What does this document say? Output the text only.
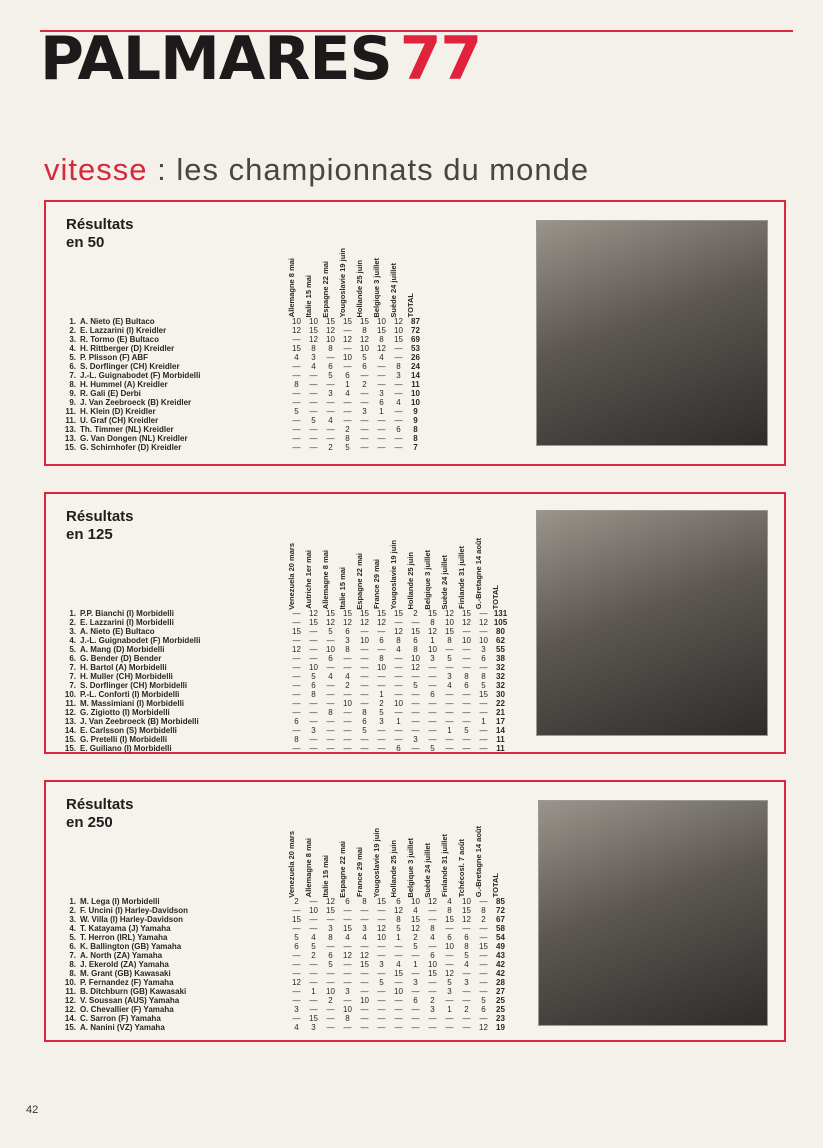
PALMARES 77
vitesse : les championnats du monde
Résultats
en 50

		Allemagne 8 mai	Italie 15 mai	Espagne 22 mai	Yougoslavie 19 juin	Hollande 25 juin	Belgique 3 juillet	Suède 24 juillet	TOTAL

1.	A. Nieto (E) Bultaco	10	10	15	15	15	10	12	87
2.	E. Lazzarini (I) Kreidler	12	15	12	—	8	15	10	72
3.	R. Tormo (E) Bultaco	—	12	10	12	12	8	15	69
4.	H. Rittberger (D) Kreidler	15	8	8	—	10	12	—	53
5.	P. Plisson (F) ABF	4	3	—	10	5	4	—	26
6.	S. Dorflinger (CH) Kreidler	—	4	6	—	6	—	8	24
7.	J.-L. Guignabodet (F) Morbidelli	—	—	5	6	—	—	3	14
8.	H. Hummel (A) Kreidler	8	—	—	1	2	—	—	11
9.	R. Gali (E) Derbi	—	—	3	4	—	3	—	10
9.	J. Van Zeebroeck (B) Kreidler	—	—	—	—	—	6	4	10
11.	H. Klein (D) Kreidler	5	—	—	—	3	1	—	9
11.	U. Graf (CH) Kreidler	—	5	4	—	—	—	—	9
13.	Th. Timmer (NL) Kreidler	—	—	—	2	—	—	6	8
13.	G. Van Dongen (NL) Kreidler	—	—	—	8	—	—	—	8
15.	G. Schirnhofer (D) Kreidler	—	—	2	5	—	—	—	7
Résultats
en 125

		Venezuela 20 mars	Autriche 1er mai	Allemagne 8 mai	Italie 15 mai	Espagne 22 mai	France 29 mai	Yougoslavie 19 juin	Hollande 25 juin	Belgique 3 juillet	Suède 24 juillet	Finlande 31 juillet	G.-Bretagne 14 août	TOTAL

1.	P.P. Bianchi (I) Morbidelli	—	12	15	15	15	15	15	2	15	12	15	—	131
2.	E. Lazzarini (I) Morbidelli	—	15	12	12	12	12	—	—	8	10	12	12	105
3.	A. Nieto (E) Bultaco	15	—	5	6	—	—	12	15	12	15	—	—	80
4.	J.-L. Guignabodet (F) Morbidelli	—	—	—	3	10	6	8	6	1	8	10	10	62
5.	A. Mang (D) Morbidelli	12	—	10	8	—	—	4	8	10	—	—	3	55
6.	G. Bender (D) Bender	—	—	6	—	—	8	—	10	3	5	—	6	38
7.	H. Bartol (A) Morbidelli	—	10	—	—	—	10	—	12	—	—	—	—	32
7.	H. Muller (CH) Morbidelli	—	5	4	4	—	—	—	—	—	3	8	8	32
7.	S. Dorflinger (CH) Morbidelli	—	6	—	2	—	—	—	5	—	4	6	5	32
10.	P.-L. Conforti (I) Morbidelli	—	8	—	—	—	1	—	—	6	—	—	15	30
11.	M. Massimiani (I) Morbidelli	—	—	—	10	—	2	10	—	—	—	—	—	22
12.	G. Zigiotto (I) Morbidelli	—	—	8	—	8	5	—	—	—	—	—	—	21
13.	J. Van Zeebroeck (B) Morbidelli	6	—	—	—	6	3	1	—	—	—	—	1	17
14.	E. Carlsson (S) Morbidelli	—	3	—	—	5	—	—	—	—	1	5	—	14
15.	G. Pretelli (I) Morbidelli	8	—	—	—	—	—	—	3	—	—	—	—	11
15.	E. Guiliano (I) Morbidelli	—	—	—	—	—	—	6	—	5	—	—	—	11
Résultats
en 250

		Venezuela 20 mars	Allemagne 8 mai	Italie 15 mai	Espagne 22 mai	France 29 mai	Yougoslavie 19 juin	Hollande 25 juin	Belgique 3 juillet	Suède 24 juillet	Finlande 31 juillet	Tchécosl. 7 août	G.-Bretagne 14 août	TOTAL

1.	M. Lega (I) Morbidelli	2	—	12	6	8	15	6	10	12	4	10	—	85
2.	F. Uncini (I) Harley-Davidson	—	10	15	—	—	—	12	4	—	8	15	8	72
3.	W. Villa (I) Harley-Davidson	15	—	—	—	—	—	8	15	—	15	12	2	67
4.	T. Katayama (J) Yamaha	—	—	3	15	3	12	5	12	8	—	—	—	58
5.	T. Herron (IRL) Yamaha	5	4	8	4	4	10	1	2	4	6	6	—	54
6.	K. Ballington (GB) Yamaha	6	5	—	—	—	—	—	5	—	10	8	15	49
7.	A. North (ZA) Yamaha	—	2	6	12	12	—	—	—	6	—	5	—	43
8.	J. Ekerold (ZA) Yamaha	—	—	5	—	15	3	4	1	10	—	4	—	42
8.	M. Grant (GB) Kawasaki	—	—	—	—	—	—	15	—	15	12	—	—	42
10.	P. Fernandez (F) Yamaha	12	—	—	—	—	5	—	3	—	5	3	—	28
11.	B. Ditchburn (GB) Kawasaki	—	1	10	3	—	—	10	—	—	3	—	—	27
12.	V. Soussan (AUS) Yamaha	—	—	2	—	10	—	—	6	2	—	—	5	25
12.	O. Chevallier (F) Yamaha	3	—	—	10	—	—	—	—	3	1	2	6	25
14.	C. Sarron (F) Yamaha	—	15	—	8	—	—	—	—	—	—	—	—	23
15.	A. Nanini (VZ) Yamaha	4	3	—	—	—	—	—	—	—	—	—	12	19
42
